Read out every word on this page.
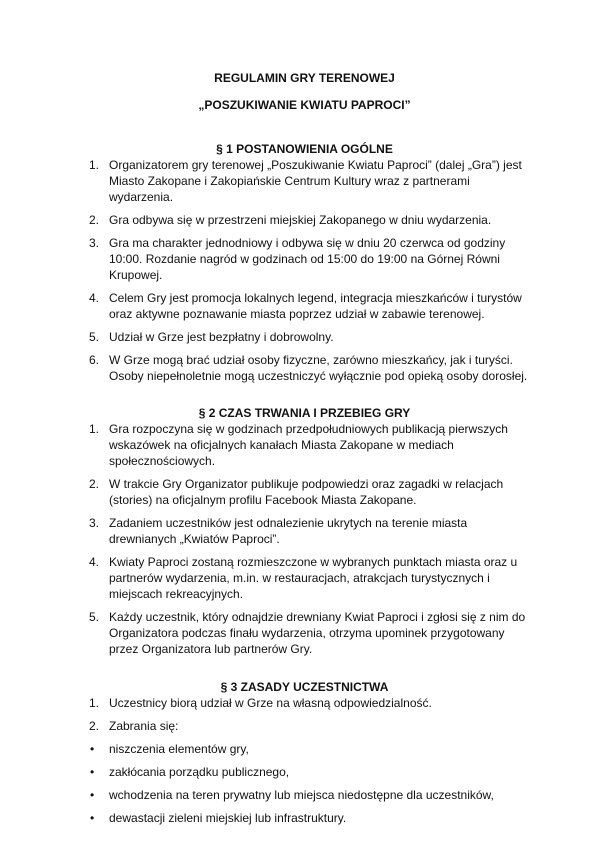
REGULAMIN GRY TERENOWEJ

„POSZUKIWANIE KWIATU PAPROCI”

§ 1 POSTANOWIENIA OGÓLNE

1. Organizatorem gry terenowej „Poszukiwanie Kwiatu Paproci” (dalej „Gra”) jest Miasto Zakopane i Zakopiańskie Centrum Kultury wraz z partnerami wydarzenia.
2. Gra odbywa się w przestrzeni miejskiej Zakopanego w dniu wydarzenia.
3. Gra ma charakter jednodniowy i odbywa się w dniu 20 czerwca od godziny 10:00. Rozdanie nagród w godzinach od 15:00 do 19:00 na Górnej Równi Krupowej.
4. Celem Gry jest promocja lokalnych legend, integracja mieszkańców i turystów oraz aktywne poznawanie miasta poprzez udział w zabawie terenowej.
5. Udział w Grze jest bezpłatny i dobrowolny.
6. W Grze mogą brać udział osoby fizyczne, zarówno mieszkańcy, jak i turyści. Osoby niepełnoletnie mogą uczestniczyć wyłącznie pod opieką osoby dorosłej.

§ 2 CZAS TRWANIA I PRZEBIEG GRY

1. Gra rozpoczyna się w godzinach przedpołudniowych publikacją pierwszych wskazówek na oficjalnych kanałach Miasta Zakopane w mediach społecznościowych.
2. W trakcie Gry Organizator publikuje podpowiedzi oraz zagadki w relacjach (stories) na oficjalnym profilu Facebook Miasta Zakopane.
3. Zadaniem uczestników jest odnalezienie ukrytych na terenie miasta drewnianych „Kwiatów Paproci”.
4. Kwiaty Paproci zostaną rozmieszczone w wybranych punktach miasta oraz u partnerów wydarzenia, m.in. w restauracjach, atrakcjach turystycznych i miejscach rekreacyjnych.
5. Każdy uczestnik, który odnajdzie drewniany Kwiat Paproci i zgłosi się z nim do Organizatora podczas finału wydarzenia, otrzyma upominek przygotowany przez Organizatora lub partnerów Gry.

§ 3 ZASADY UCZESTNICTWA

1. Uczestnicy biorą udział w Grze na własną odpowiedzialność.
2. Zabrania się:
• niszczenia elementów gry,
• zakłócania porządku publicznego,
• wchodzenia na teren prywatny lub miejsca niedostępne dla uczestników,
• dewastacji zieleni miejskiej lub infrastruktury.
